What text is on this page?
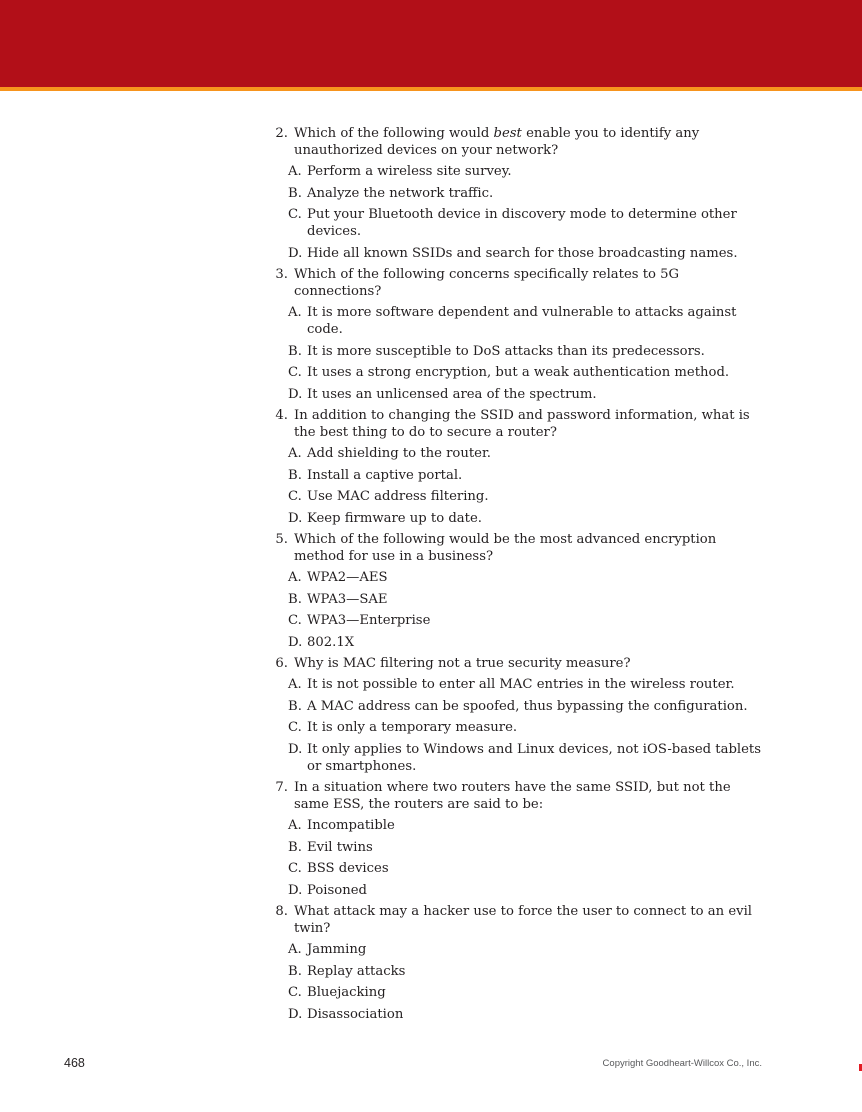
2. Which of the following would best enable you to identify any unauthorized devices on your network?
A. Perform a wireless site survey.
B. Analyze the network traffic.
C. Put your Bluetooth device in discovery mode to determine other devices.
D. Hide all known SSIDs and search for those broadcasting names.
3. Which of the following concerns specifically relates to 5G connections?
A. It is more software dependent and vulnerable to attacks against code.
B. It is more susceptible to DoS attacks than its predecessors.
C. It uses a strong encryption, but a weak authentication method.
D. It uses an unlicensed area of the spectrum.
4. In addition to changing the SSID and password information, what is the best thing to do to secure a router?
A. Add shielding to the router.
B. Install a captive portal.
C. Use MAC address filtering.
D. Keep firmware up to date.
5. Which of the following would be the most advanced encryption method for use in a business?
A. WPA2—AES
B. WPA3—SAE
C. WPA3—Enterprise
D. 802.1X
6. Why is MAC filtering not a true security measure?
A. It is not possible to enter all MAC entries in the wireless router.
B. A MAC address can be spoofed, thus bypassing the configuration.
C. It is only a temporary measure.
D. It only applies to Windows and Linux devices, not iOS-based tablets or smartphones.
7. In a situation where two routers have the same SSID, but not the same ESS, the routers are said to be:
A. Incompatible
B. Evil twins
C. BSS devices
D. Poisoned
8. What attack may a hacker use to force the user to connect to an evil twin?
A. Jamming
B. Replay attacks
C. Bluejacking
D. Disassociation
468	Copyright Goodheart-Willcox Co., Inc.
